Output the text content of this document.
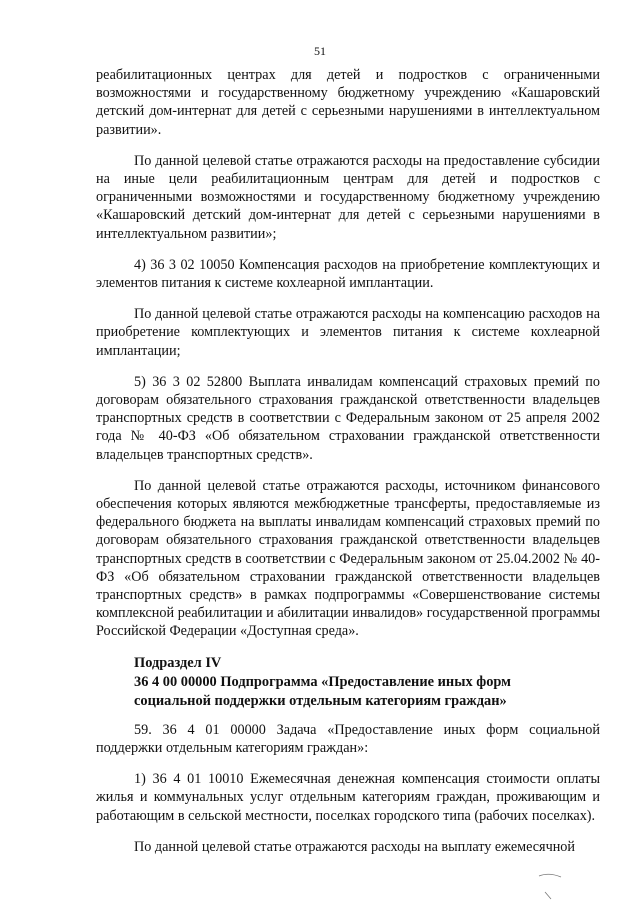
51

реабилитационных центрах для детей и подростков с ограниченными возможностями и государственному бюджетному учреждению «Кашаровский детский дом-интернат для детей с серьезными нарушениями в интеллектуальном развитии».

По данной целевой статье отражаются расходы на предоставление субсидии на иные цели реабилитационным центрам для детей и подростков с ограниченными возможностями и государственному бюджетному учреждению «Кашаровский детский дом-интернат для детей с серьезными нарушениями в интеллектуальном развитии»;

4) 36 3 02 10050 Компенсация расходов на приобретение комплектующих и элементов питания к системе кохлеарной имплантации.

По данной целевой статье отражаются расходы на компенсацию расходов на приобретение комплектующих и элементов питания к системе кохлеарной имплантации;

5) 36 3 02 52800 Выплата инвалидам компенсаций страховых премий по договорам обязательного страхования гражданской ответственности владельцев транспортных средств в соответствии с Федеральным законом от 25 апреля 2002 года № 40-ФЗ «Об обязательном страховании гражданской ответственности владельцев транспортных средств».

По данной целевой статье отражаются расходы, источником финансового обеспечения которых являются межбюджетные трансферты, предоставляемые из федерального бюджета на выплаты инвалидам компенсаций страховых премий по договорам обязательного страхования гражданской ответственности владельцев транспортных средств в соответствии с Федеральным законом от 25.04.2002 № 40-ФЗ «Об обязательном страховании гражданской ответственности владельцев транспортных средств» в рамках подпрограммы «Совершенствование системы комплексной реабилитации и абилитации инвалидов» государственной программы Российской Федерации «Доступная среда».

Подраздел IV

36 4 00 00000 Подпрограмма «Предоставление иных форм

социальной поддержки отдельным категориям граждан»

59. 36 4 01 00000 Задача «Предоставление иных форм социальной поддержки отдельным категориям граждан»:

1) 36 4 01 10010 Ежемесячная денежная компенсация стоимости оплаты жилья и коммунальных услуг отдельным категориям граждан, проживающим и работающим в сельской местности, поселках городского типа (рабочих поселках).

По данной целевой статье отражаются расходы на выплату ежемесячной
